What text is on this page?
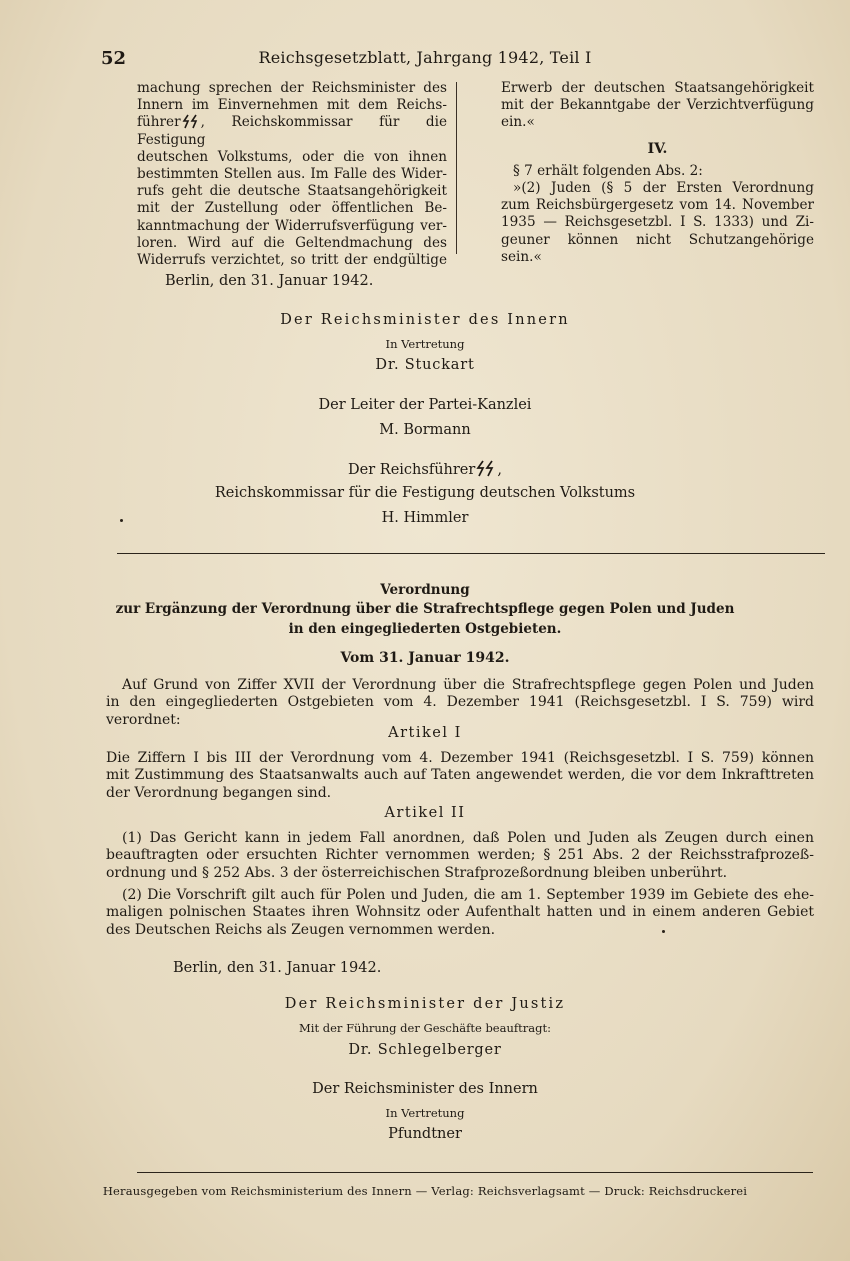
52	Reichsgesetzblatt, Jahrgang 1942, Teil I

machung sprechen der Reichsminister des

Innern im Einvernehmen mit dem Reichs-

führer , Reichskommissar für die Festigung

deutschen Volkstums, oder die von ihnen

bestimmten Stellen aus. Im Falle des Wider-

rufs geht die deutsche Staatsangehörigkeit

mit der Zustellung oder öffentlichen Be-

kanntmachung der Widerrufsverfügung ver-

loren. Wird auf die Geltendmachung des

Widerrufs verzichtet, so tritt der endgültige

Erwerb der deutschen Staatsangehörigkeit

mit der Bekanntgabe der Verzichtverfügung

ein.«

IV.

§ 7 erhält folgenden Abs. 2:

»(2) Juden (§ 5 der Ersten Verordnung

zum Reichsbürgergesetz vom 14. November

1935 — Reichsgesetzbl. I S. 1333) und Zi-

geuner können nicht Schutzangehörige sein.«

Berlin, den 31. Januar 1942.
Der Reichsminister des Innern
In Vertretung
Dr. Stuckart
Der Leiter der Partei-Kanzlei
M. Bormann
Der Reichsführer ,
Reichskommissar für die Festigung deutschen Volkstums
H. Himmler
Verordnung
zur Ergänzung der Verordnung über die Strafrechtspflege gegen Polen und Juden
in den eingegliederten Ostgebieten.
Vom 31. Januar 1942.

Auf Grund von Ziffer XVII der Verordnung über die Strafrechtspflege gegen Polen und Juden

in den eingegliederten Ostgebieten vom 4. Dezember 1941 (Reichsgesetzbl. I S. 759) wird verordnet:

Artikel I

Die Ziffern I bis III der Verordnung vom 4. Dezember 1941 (Reichsgesetzbl. I S. 759) können

mit Zustimmung des Staatsanwalts auch auf Taten angewendet werden, die vor dem Inkrafttreten

der Verordnung begangen sind.

Artikel II

(1) Das Gericht kann in jedem Fall anordnen, daß Polen und Juden als Zeugen durch einen

beauftragten oder ersuchten Richter vernommen werden; § 251 Abs. 2 der Reichsstrafprozeß-

ordnung und § 252 Abs. 3 der österreichischen Strafprozeßordnung bleiben unberührt.

(2) Die Vorschrift gilt auch für Polen und Juden, die am 1. September 1939 im Gebiete des ehe-

maligen polnischen Staates ihren Wohnsitz oder Aufenthalt hatten und in einem anderen Gebiet

des Deutschen Reichs als Zeugen vernommen werden.

Berlin, den 31. Januar 1942.
Der Reichsminister der Justiz
Mit der Führung der Geschäfte beauftragt:
Dr. Schlegelberger
Der Reichsminister des Innern
In Vertretung
Pfundtner
Herausgegeben vom Reichsministerium des Innern — Verlag: Reichsverlagsamt — Druck: Reichsdruckerei
